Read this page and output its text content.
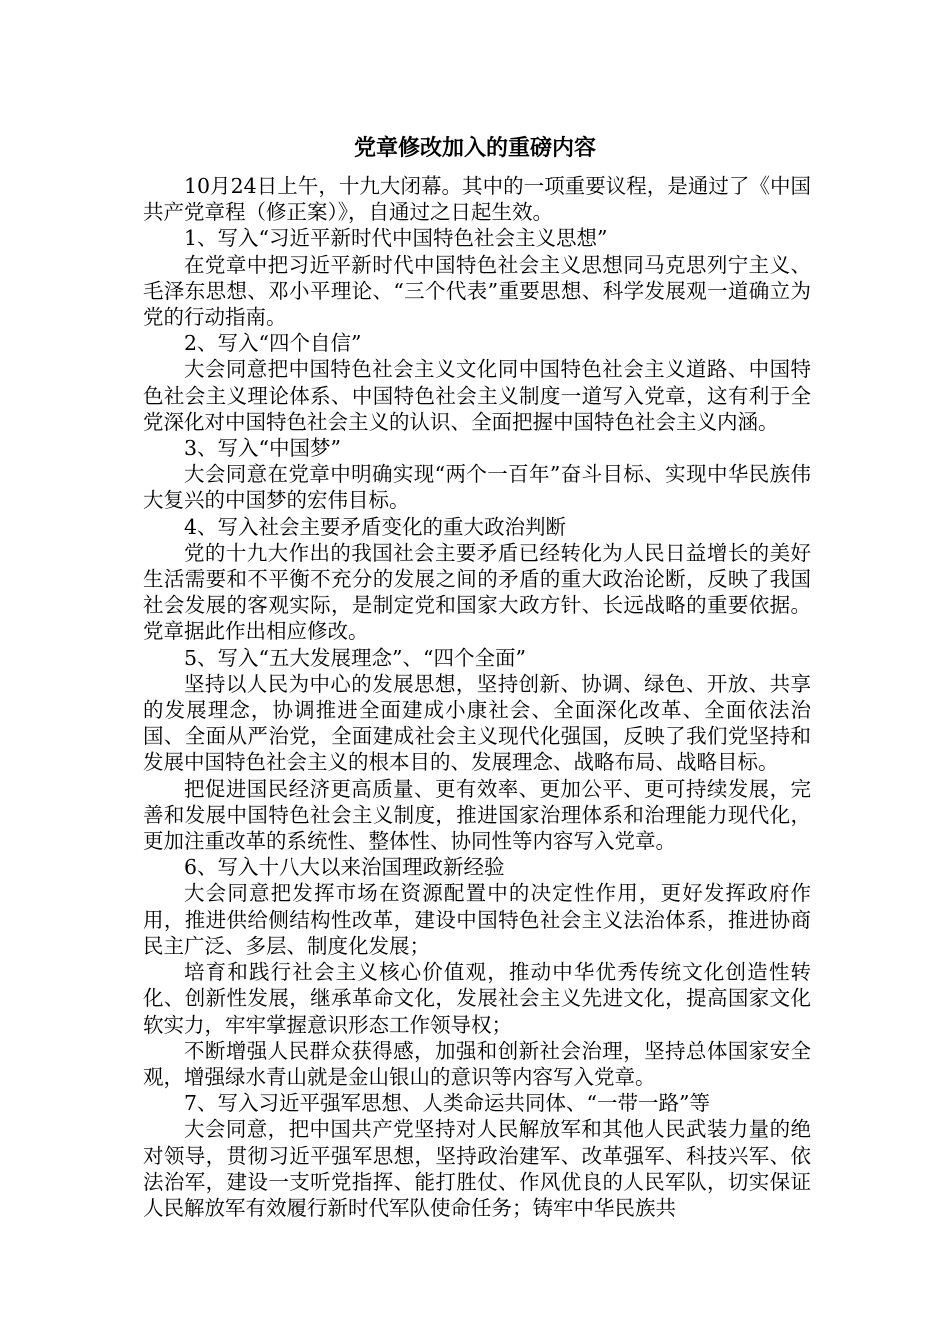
党章修改加入的重磅内容

10月24日上午，十九大闭幕。其中的一项重要议程，是通过了《中国共产党章程（修正案）》，自通过之日起生效。

1、写入“习近平新时代中国特色社会主义思想”

在党章中把习近平新时代中国特色社会主义思想同马克思列宁主义、毛泽东思想、邓小平理论、“三个代表”重要思想、科学发展观一道确立为党的行动指南。

2、写入“四个自信”

大会同意把中国特色社会主义文化同中国特色社会主义道路、中国特色社会主义理论体系、中国特色社会主义制度一道写入党章，这有利于全党深化对中国特色社会主义的认识、全面把握中国特色社会主义内涵。

3、写入“中国梦”

大会同意在党章中明确实现“两个一百年”奋斗目标、实现中华民族伟大复兴的中国梦的宏伟目标。

4、写入社会主要矛盾变化的重大政治判断

党的十九大作出的我国社会主要矛盾已经转化为人民日益增长的美好生活需要和不平衡不充分的发展之间的矛盾的重大政治论断，反映了我国社会发展的客观实际，是制定党和国家大政方针、长远战略的重要依据。党章据此作出相应修改。

5、写入“五大发展理念”、“四个全面”

坚持以人民为中心的发展思想，坚持创新、协调、绿色、开放、共享的发展理念，协调推进全面建成小康社会、全面深化改革、全面依法治国、全面从严治党，全面建成社会主义现代化强国，反映了我们党坚持和发展中国特色社会主义的根本目的、发展理念、战略布局、战略目标。

把促进国民经济更高质量、更有效率、更加公平、更可持续发展，完善和发展中国特色社会主义制度，推进国家治理体系和治理能力现代化，更加注重改革的系统性、整体性、协同性等内容写入党章。

6、写入十八大以来治国理政新经验

大会同意把发挥市场在资源配置中的决定性作用，更好发挥政府作用，推进供给侧结构性改革，建设中国特色社会主义法治体系，推进协商民主广泛、多层、制度化发展；

培育和践行社会主义核心价值观，推动中华优秀传统文化创造性转化、创新性发展，继承革命文化，发展社会主义先进文化，提高国家文化软实力，牢牢掌握意识形态工作领导权；

不断增强人民群众获得感，加强和创新社会治理，坚持总体国家安全观，增强绿水青山就是金山银山的意识等内容写入党章。

7、写入习近平强军思想、人类命运共同体、“一带一路”等

大会同意，把中国共产党坚持对人民解放军和其他人民武装力量的绝对领导，贯彻习近平强军思想，坚持政治建军、改革强军、科技兴军、依法治军，建设一支听党指挥、能打胜仗、作风优良的人民军队，切实保证人民解放军有效履行新时代军队使命任务；铸牢中华民族共
